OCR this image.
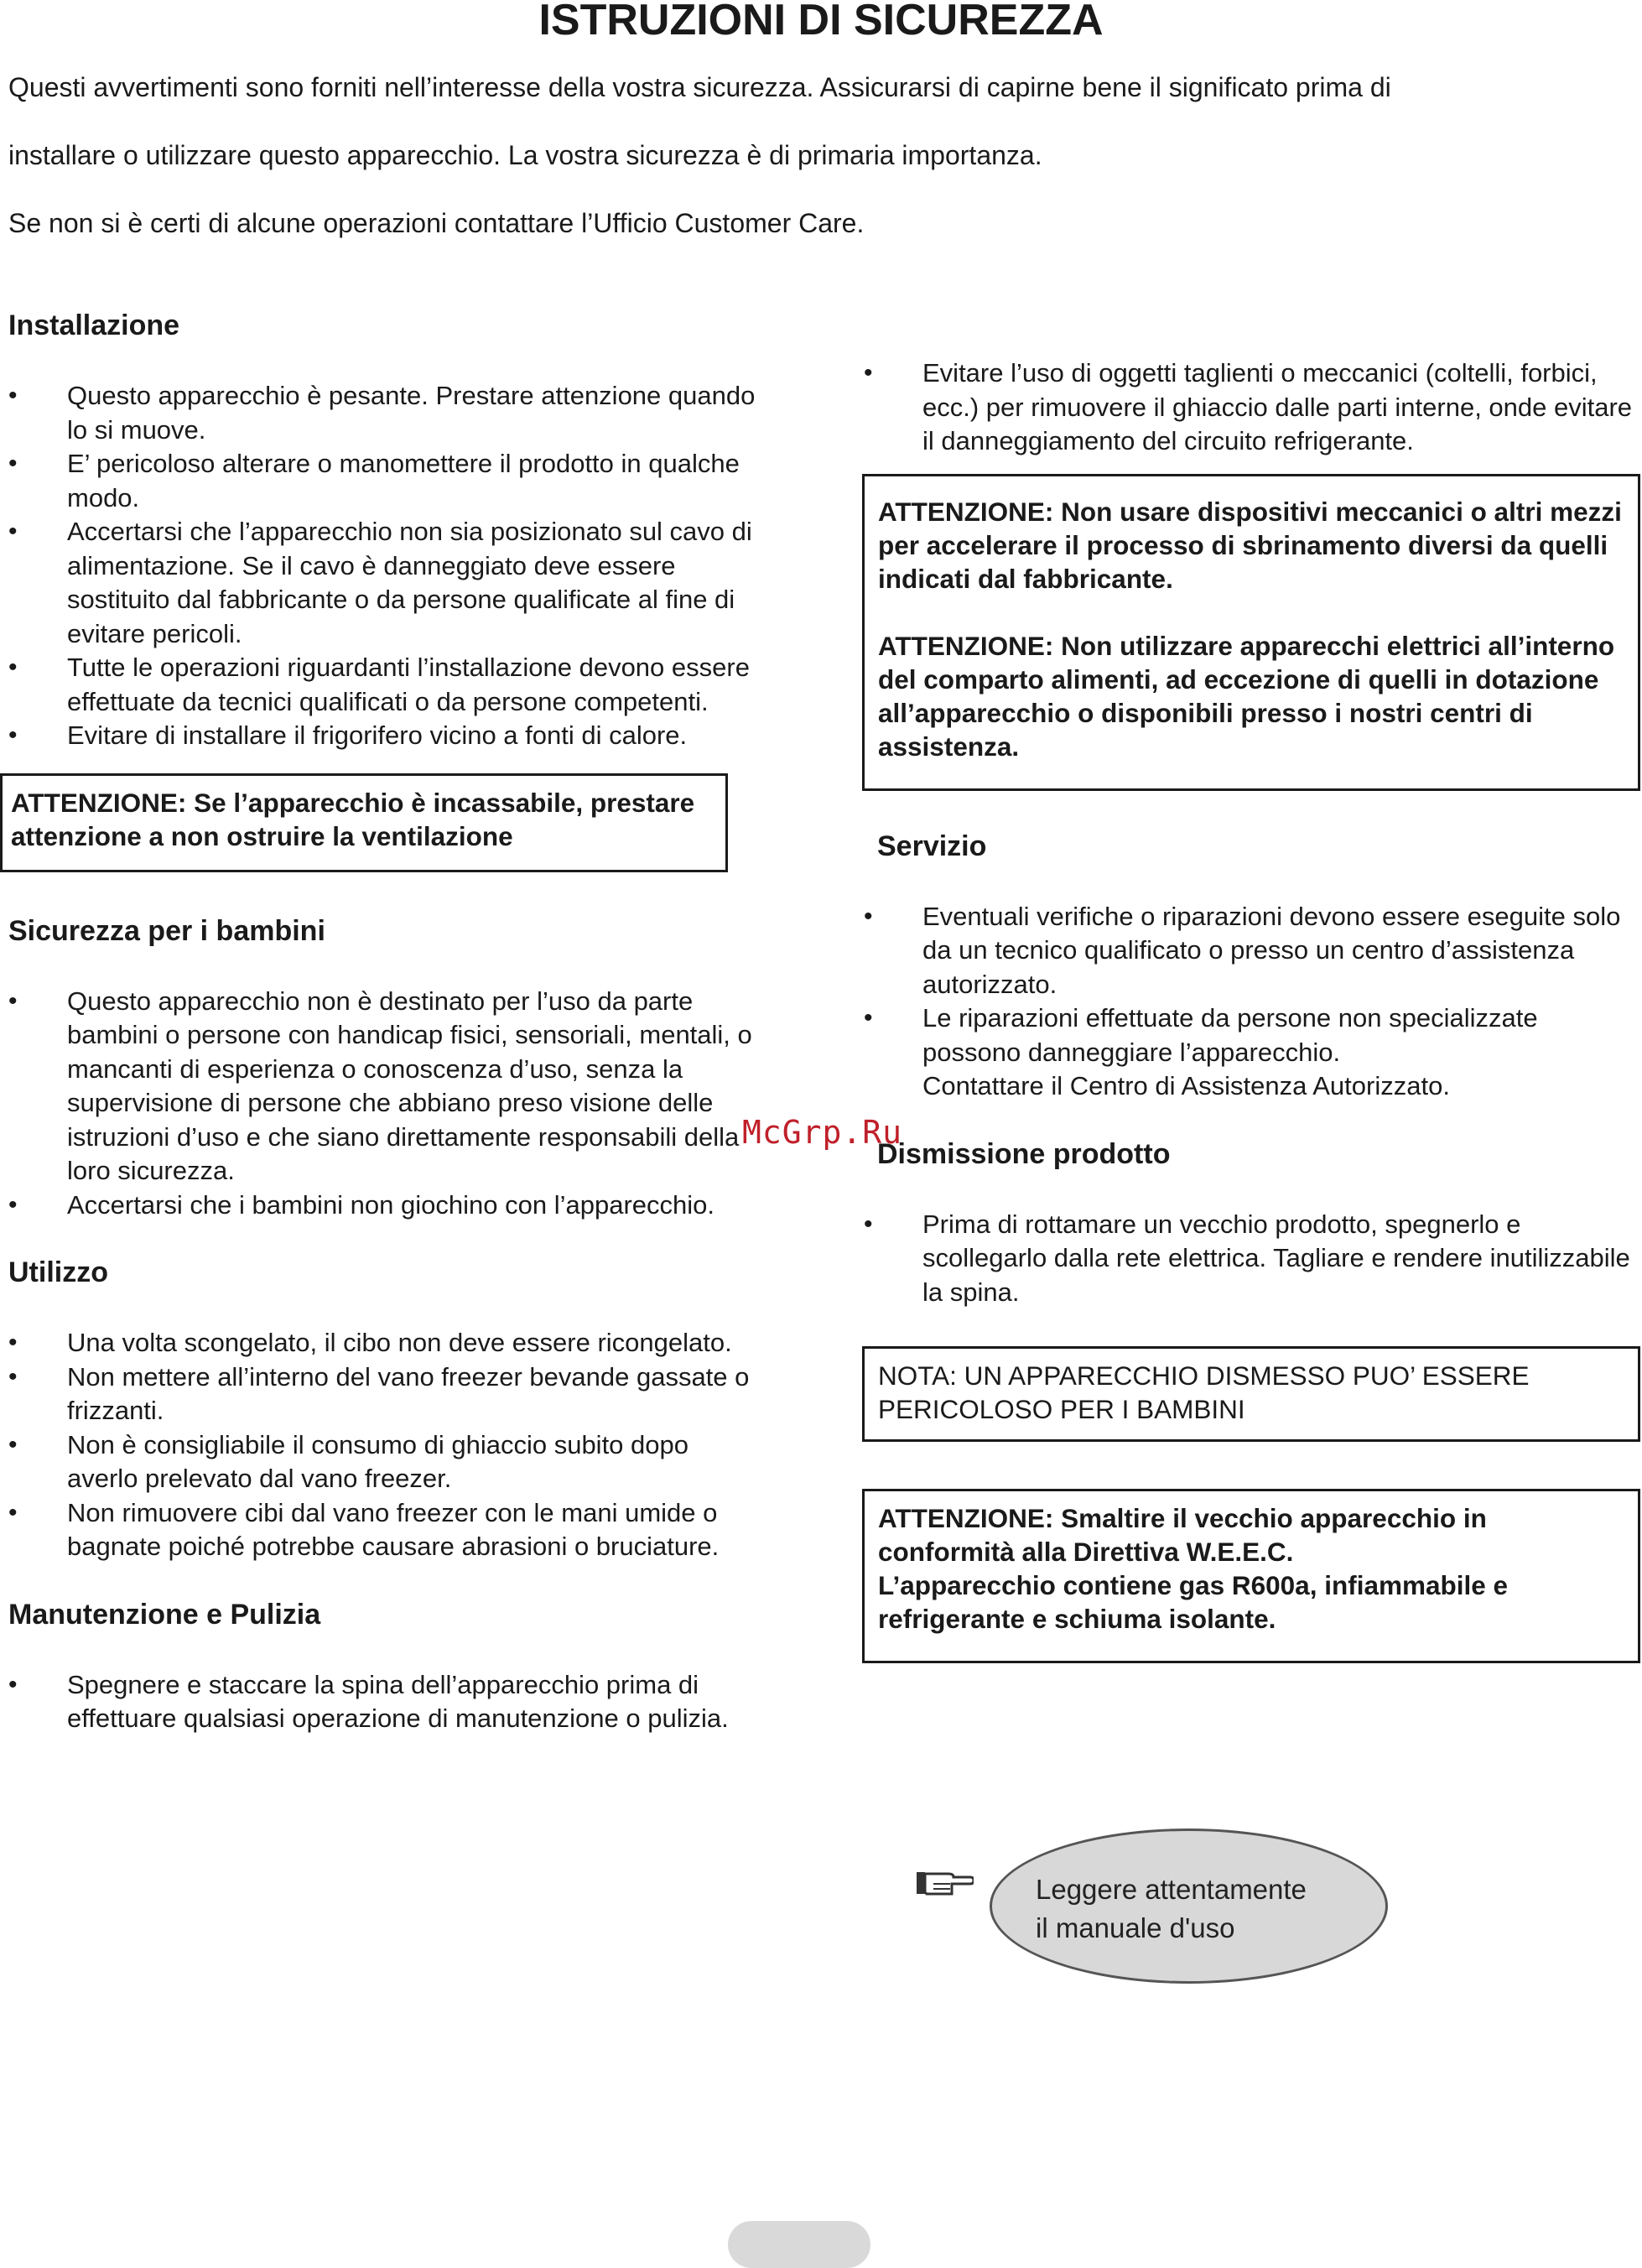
ISTRUZIONI DI SICUREZZA

Questi avvertimenti sono forniti nell’interesse della vostra sicurezza. Assicurarsi di capirne bene il significato prima di

installare o utilizzare questo apparecchio. La vostra sicurezza è di primaria importanza.

Se non si è certi di alcune operazioni contattare l’Ufficio Customer Care.

Installazione
• Questo apparecchio è pesante. Prestare attenzione quando lo si muove.
• E’ pericoloso alterare o manomettere il prodotto in qualche modo.
• Accertarsi che l’apparecchio non sia posizionato sul cavo di alimentazione. Se il cavo è danneggiato deve essere sostituito dal fabbricante o da persone qualificate al fine di evitare pericoli.
• Tutte le operazioni riguardanti l’installazione devono essere effettuate da tecnici qualificati o da persone competenti.
• Evitare di installare il frigorifero vicino a fonti di calore.

ATTENZIONE: Se l’apparecchio è incassabile, prestare attenzione a non ostruire la ventilazione

Sicurezza per i bambini
• Questo apparecchio non è destinato per l’uso da parte bambini o persone con handicap fisici, sensoriali, mentali, o mancanti di esperienza o conoscenza d’uso, senza la supervisione di persone che abbiano preso visione delle istruzioni d’uso e che siano direttamente responsabili della loro sicurezza.
• Accertarsi che i bambini non giochino con l’apparecchio.
Utilizzo
• Una volta scongelato, il cibo non deve essere ricongelato.
• Non mettere all’interno del vano freezer bevande gassate o frizzanti.
• Non è consigliabile il consumo di ghiaccio subito dopo averlo prelevato dal vano freezer.
• Non rimuovere cibi dal vano freezer con le mani umide o bagnate poiché potrebbe causare abrasioni o bruciature.
Manutenzione e Pulizia
• Spegnere e staccare la spina dell’apparecchio prima di effettuare qualsiasi operazione di manutenzione o pulizia.
• Evitare l’uso di oggetti taglienti o meccanici (coltelli, forbici, ecc.) per rimuovere il ghiaccio dalle parti interne, onde evitare il danneggiamento del circuito refrigerante.

ATTENZIONE: Non usare dispositivi meccanici o altri mezzi per accelerare il processo di sbrinamento diversi da quelli indicati dal fabbricante.

ATTENZIONE: Non utilizzare apparecchi elettrici all’interno del comparto alimenti, ad eccezione di quelli in dotazione all’apparecchio o disponibili presso i nostri centri di assistenza.

Servizio
• Eventuali verifiche o riparazioni devono essere eseguite solo da un tecnico qualificato o presso un centro d’assistenza autorizzato.
• Le riparazioni effettuate da persone non specializzate possono danneggiare l’apparecchio.
Contattare il Centro di Assistenza Autorizzato.
Dismissione prodotto
• Prima di rottamare un vecchio prodotto, spegnerlo e scollegarlo dalla rete elettrica. Tagliare e rendere inutilizzabile la spina.

NOTA: UN APPARECCHIO DISMESSO PUO’ ESSERE PERICOLOSO PER I BAMBINI

ATTENZIONE: Smaltire il vecchio apparecchio in conformità alla Direttiva W.E.E.C.

L’apparecchio contiene gas R600a, infiammabile e refrigerante e schiuma isolante.

McGrp.Ru
Leggere attentamente
il manuale d'uso
